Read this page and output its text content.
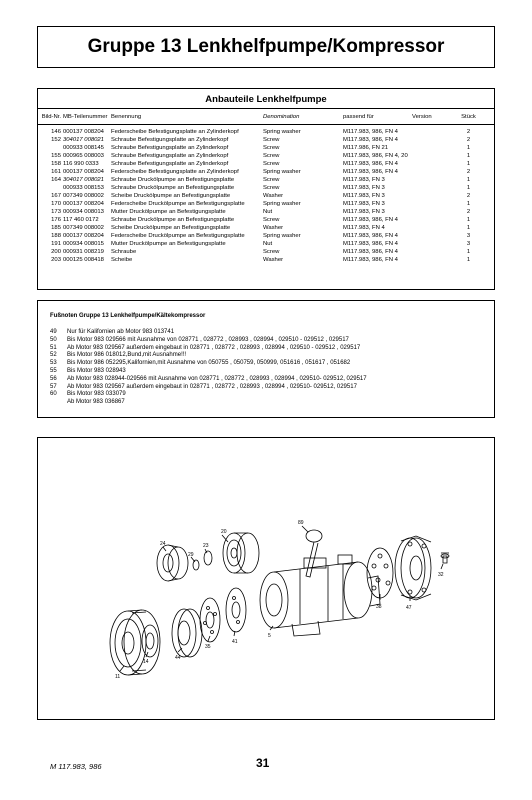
Gruppe 13 Lenkhelfpumpe/Kompressor
Anbauteile Lenkhelfpumpe
Bild-Nr.	MB-Teilenummer	Benennung	Denomination	passend für	Version	Stück
146	000137 008204	Federscheibe Befestigungsplatte an Zylinderkopf	Spring washer	M117.983, 986, FN 4		2
152	304017 008021	Schraube Befestigungsplatte an Zylinderkopf	Screw	M117.983, 986, FN 4		2
	000933 008145	Schraube Befestigungsplatte an Zylinderkopf	Screw	M117.986, FN 21		1
155	000965 008003	Schraube Befestigungsplatte an Zylinderkopf	Screw	M117.983, 986, FN 4, 20		1
158	116 990 0333	Schraube Befestigungsplatte an Zylinderkopf	Screw	M117.983, 986, FN 4		1
161	000137 008204	Federscheibe Befestigungsplatte an Zylinderkopf	Spring washer	M117.983, 986, FN 4		2
164	304017 008021	Schraube Druckölpumpe an Befestigungsplatte	Screw	M117.983, FN 3		1
	000933 008153	Schraube Druckölpumpe an Befestigungsplatte	Screw	M117.983, FN 3		1
167	007349 008002	Scheibe Druckölpumpe an Befestigungsplatte	Washer	M117.983, FN 3		2
170	000137 008204	Federscheibe Druckölpumpe an Befestigungsplatte	Spring washer	M117.983, FN 3		1
173	000934 008013	Mutter Druckölpumpe an Befestigungsplatte	Nut	M117.983, FN 3		2
176	117 460 0172	Schraube Druckölpumpe an Befestigungsplatte	Screw	M117.983, 986, FN 4		1
185	007349 008002	Scheibe Druckölpumpe an Befestigungsplatte	Washer	M117.983, FN 4		1
188	000137 008204	Federscheibe Druckölpumpe an Befestigungsplatte	Spring washer	M117.983, 986, FN 4		3
191	000934 008015	Mutter Druckölpumpe an Befestigungsplatte	Nut	M117.983, 986, FN 4		3
200	000931 008219	Schraube	Screw	M117.983, 986, FN 4		1
203	000125 008418	Scheibe	Washer	M117.983, 986, FN 4		1
Fußnoten Gruppe 13 Lenkhelfpumpe/Kältekompressor
49	Nur für Kalifornien ab Motor 983 013741
50	Bis Motor 983 029566 mit Ausnahme von 028771 , 028772 , 028993 , 028994 , 029510 - 029512 , 029517
51	Ab Motor 983 029567 außerdem eingebaut in 028771 , 028772 , 028993 , 028994 , 029510 - 029512 , 029517
52	Bis Motor 986 018012,Bund,mit Ausnahme!!!
53	Bis Motor 986 052295,Kalifornien,mit Ausnahme von 050755 , 050759, 050999, 051616 , 051617 , 051682
55	Bis Motor 983 028943
56	Ab Motor 983 028944-029566 mit Ausnahme von 028771 , 028772 , 028993 , 028994 , 029510- 029512, 029517
57	Ab Motor 983 029567 außerdem eingebaut in 028771 , 028772 , 028993 , 028994 , 029510- 029512, 029517
60	Bis Motor 983 033079
Ab Motor 983 036867
20
29
23
24
11
14
44
35
41
5
89
38	47
32
M 117.983, 986	31
